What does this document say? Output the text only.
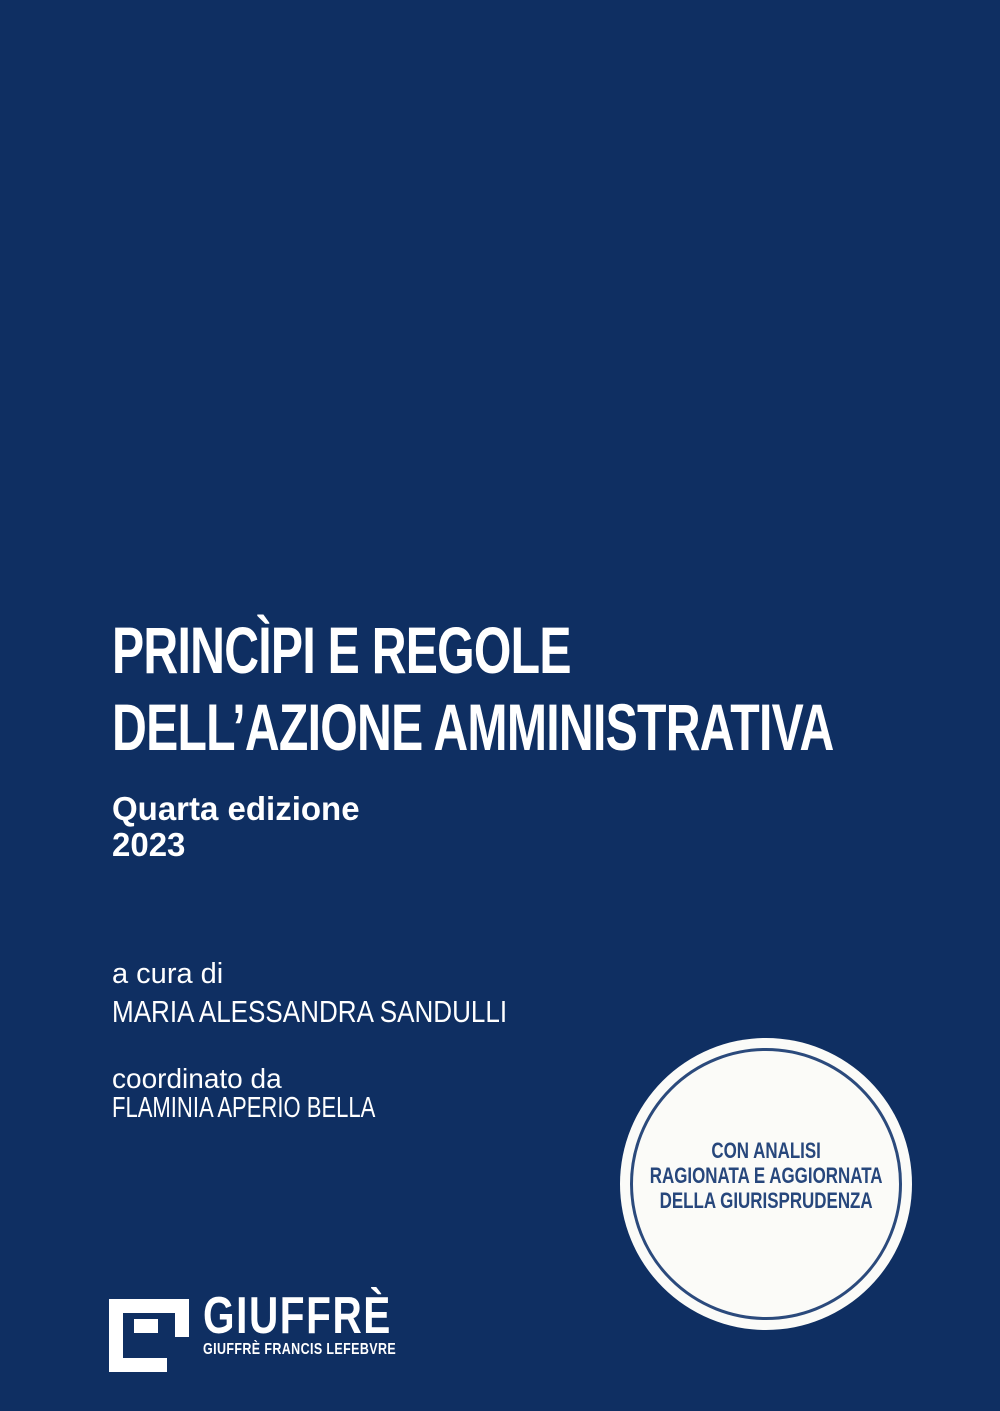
PRINCÌPI E REGOLE
DELL’AZIONE AMMINISTRATIVA
Quarta edizione
2023
a cura di
MARIA ALESSANDRA SANDULLI
coordinato da
FLAMINIA APERIO BELLA
CON ANALISI
RAGIONATA E AGGIORNATA
DELLA GIURISPRUDENZA
GIUFFRÈ
GIUFFRÈ FRANCIS LEFEBVRE
